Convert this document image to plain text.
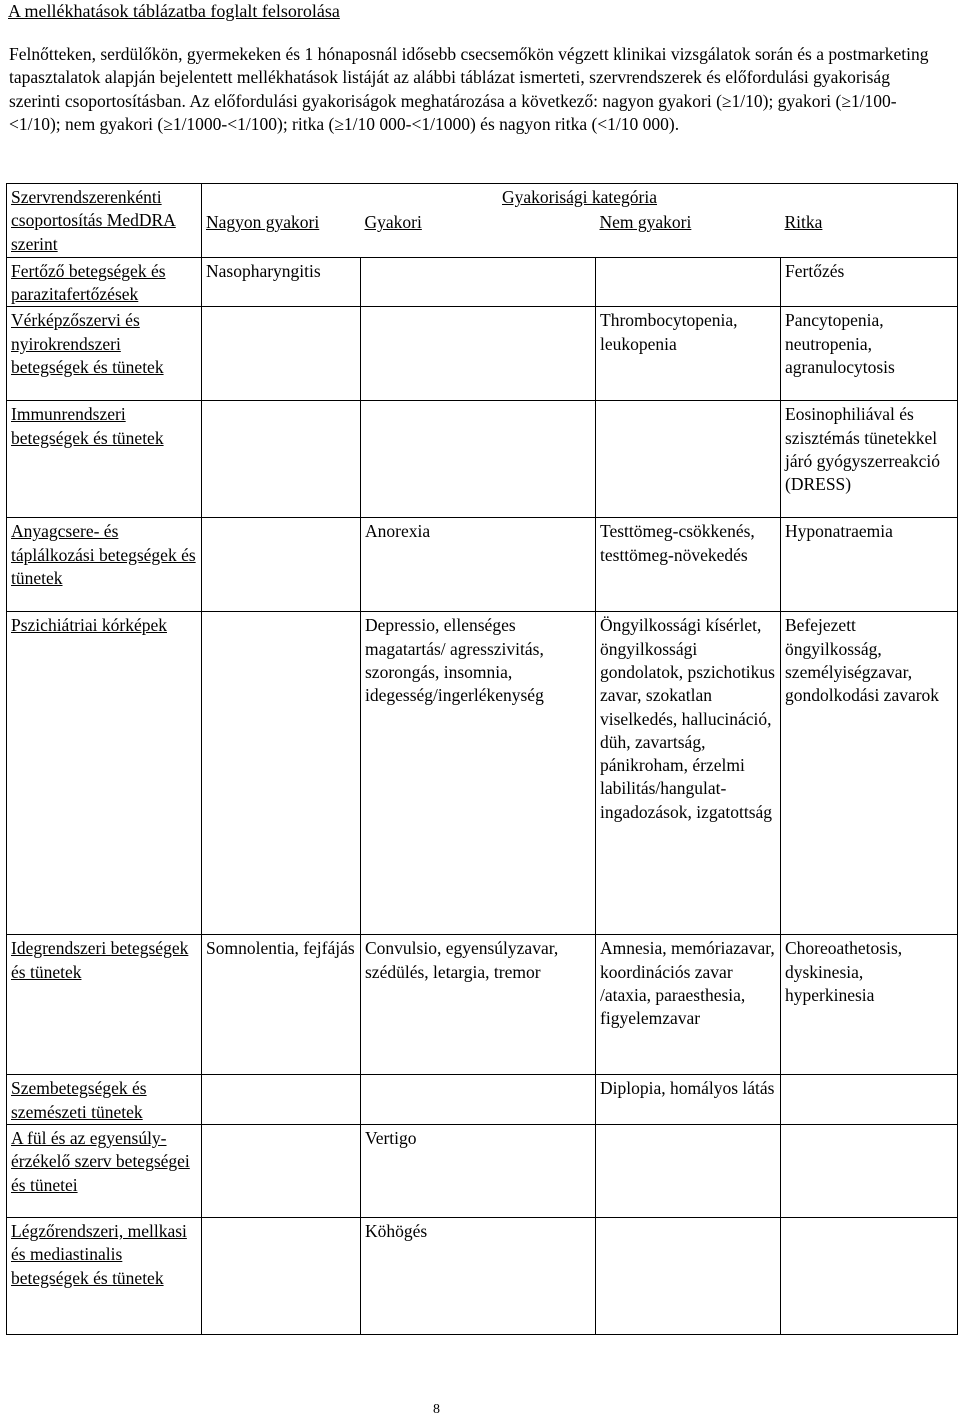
A mellékhatások táblázatba foglalt felsorolása

Felnőtteken, serdülőkön, gyermekeken és 1 hónaposnál idősebb csecsemőkön végzett klinikai vizsgálatok során és a postmarketing tapasztalatok alapján bejelentett mellékhatások listáját az alábbi táblázat ismerteti, szervrendszerek és előfordulási gyakoriság szerinti csoportosításban. Az előfordulási gyakoriságok meghatározása a következő: nagyon gyakori (≥1/10); gyakori (≥1/100-<1/10); nem gyakori (≥1/1000-<1/100); ritka (≥1/10 000-<1/1000) és nagyon ritka (<1/10 000).

Szervrendszerenkénti csoportosítás MedDRA szerint	Gyakorisági kategória			
	Nagyon gyakori	Gyakori	Nem gyakori	Ritka
Fertőző betegségek és parazitafertőzések	Nasopharyngitis			Fertőzés
Vérképzőszervi és nyirokrendszeri betegségek és tünetek			Thrombocytopenia, leukopenia	Pancytopenia, neutropenia, agranulocytosis
Immunrendszeri betegségek és tünetek				Eosinophiliával és szisztémás tünetekkel járó gyógyszerreakció (DRESS)
Anyagcsere- és táplálkozási betegségek és tünetek		Anorexia	Testtömeg-csökkenés, testtömeg-növekedés	Hyponatraemia
Pszichiátriai kórképek		Depressio, ellenséges magatartás/ agresszivitás, szorongás, insomnia, idegesség/ingerlékenység	Öngyilkossági kísérlet, öngyilkossági gondolatok, pszichotikus zavar, szokatlan viselkedés, hallucináció, düh, zavartság, pánikroham, érzelmi labilitás/hangulat-ingadozások, izgatottság	Befejezett öngyilkosság, személyiségzavar, gondolkodási zavarok
Idegrendszeri betegségek és tünetek	Somnolentia, fejfájás	Convulsio, egyensúlyzavar, szédülés, letargia, tremor	Amnesia, memóriazavar, koordinációs zavar /ataxia, paraesthesia, figyelemzavar	Choreoathetosis, dyskinesia, hyperkinesia
Szembetegségek és szemészeti tünetek			Diplopia, homályos látás	
A fül és az egyensúly-érzékelő szerv betegségei és tünetei		Vertigo		
Légzőrendszeri, mellkasi és mediastinalis betegségek és tünetek		Köhögés		
8
